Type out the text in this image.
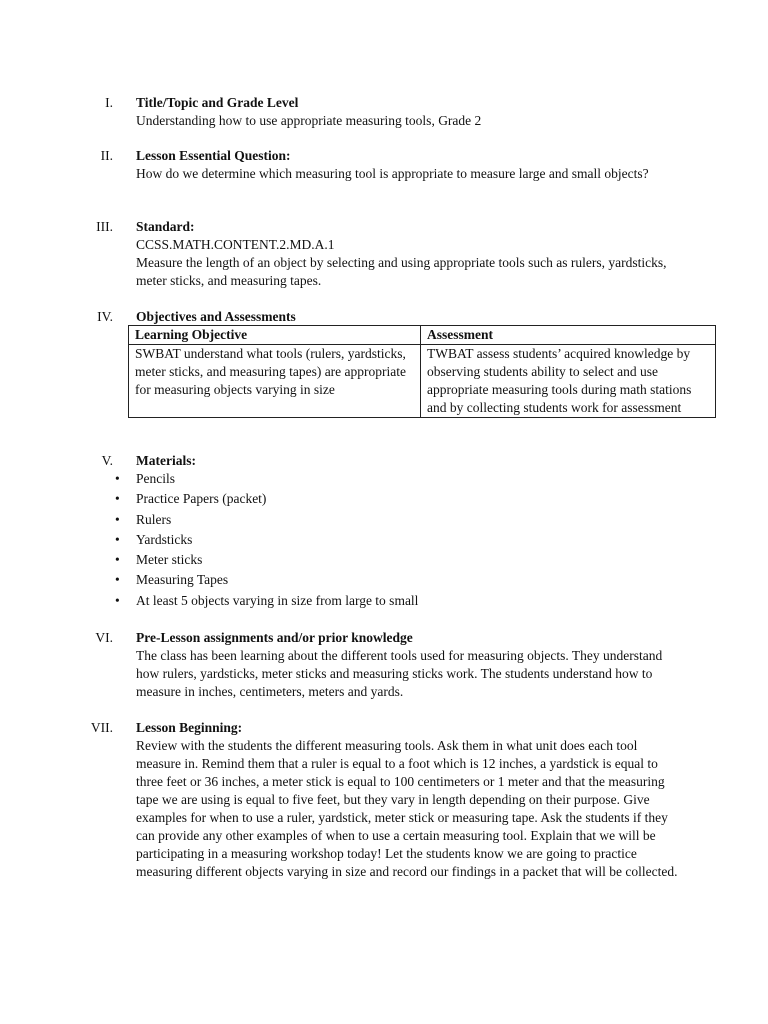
I. Title/Topic and Grade Level

Understanding how to use appropriate measuring tools, Grade 2

II. Lesson Essential Question:

How do we determine which measuring tool is appropriate to measure large and small objects?

III. Standard:

CCSS.MATH.CONTENT.2.MD.A.1

Measure the length of an object by selecting and using appropriate tools such as rulers, yardsticks, meter sticks, and measuring tapes.

IV. Objectives and Assessments
Learning Objective	Assessment
SWBAT understand what tools (rulers, yardsticks, meter sticks, and measuring tapes) are appropriate for measuring objects varying in size	TWBAT assess students’ acquired knowledge by observing students ability to select and use appropriate measuring tools during math stations and by collecting students work for assessment
V. Materials:
• Pencils
• Practice Papers (packet)
• Rulers
• Yardsticks
• Meter sticks
• Measuring Tapes
• At least 5 objects varying in size from large to small
VI. Pre-Lesson assignments and/or prior knowledge

The class has been learning about the different tools used for measuring objects. They understand how rulers, yardsticks, meter sticks and measuring sticks work. The students understand how to measure in inches, centimeters, meters and yards.

VII. Lesson Beginning:

Review with the students the different measuring tools. Ask them in what unit does each tool measure in. Remind them that a ruler is equal to a foot which is 12 inches, a yardstick is equal to three feet or 36 inches, a meter stick is equal to 100 centimeters or 1 meter and that the measuring tape we are using is equal to five feet, but they vary in length depending on their purpose. Give examples for when to use a ruler, yardstick, meter stick or measuring tape. Ask the students if they can provide any other examples of when to use a certain measuring tool. Explain that we will be participating in a measuring workshop today! Let the students know we are going to practice measuring different objects varying in size and record our findings in a packet that will be collected.
